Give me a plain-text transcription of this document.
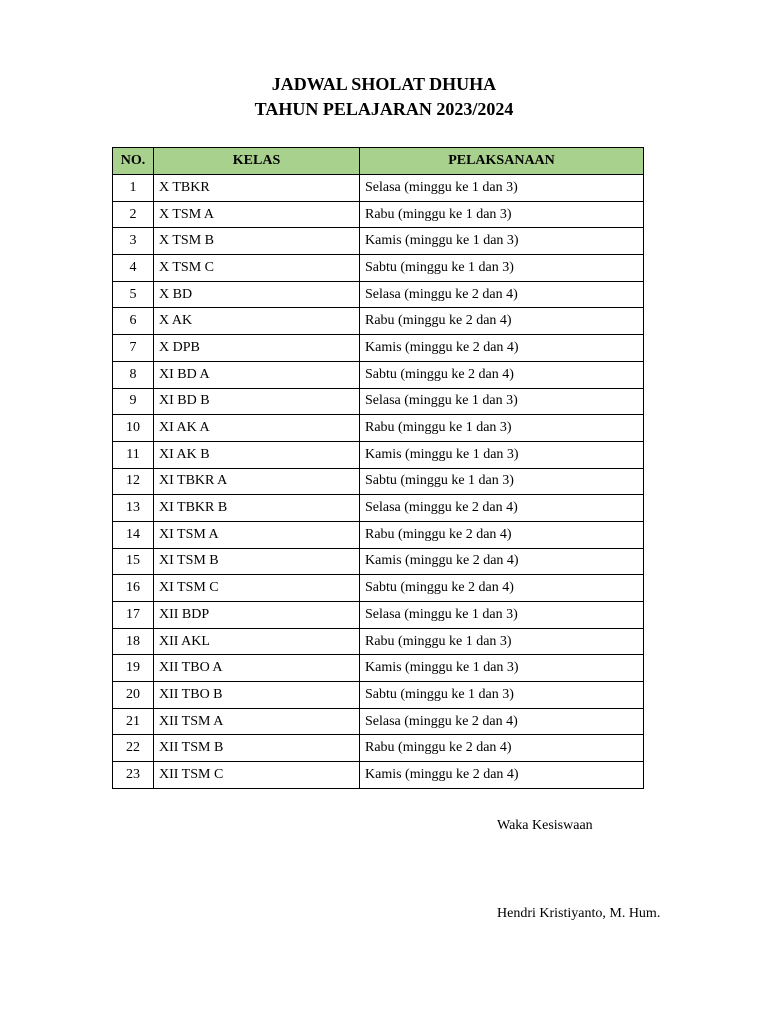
JADWAL SHOLAT DHUHA
TAHUN PELAJARAN 2023/2024
NO.	KELAS	PELAKSANAAN
1	X TBKR	Selasa (minggu ke 1 dan 3)
2	X TSM A	Rabu (minggu ke 1 dan 3)
3	X TSM B	Kamis (minggu ke 1 dan 3)
4	X TSM C	Sabtu (minggu ke 1 dan 3)
5	X BD	Selasa (minggu ke 2 dan 4)
6	X AK	Rabu (minggu ke 2 dan 4)
7	X DPB	Kamis (minggu ke 2 dan 4)
8	XI BD A	Sabtu (minggu ke 2 dan 4)
9	XI BD B	Selasa (minggu ke 1 dan 3)
10	XI AK A	Rabu (minggu ke 1 dan 3)
11	XI AK B	Kamis (minggu ke 1 dan 3)
12	XI TBKR A	Sabtu (minggu ke 1 dan 3)
13	XI TBKR B	Selasa (minggu ke 2 dan 4)
14	XI TSM A	Rabu (minggu ke 2 dan 4)
15	XI TSM B	Kamis (minggu ke 2 dan 4)
16	XI TSM C	Sabtu (minggu ke 2 dan 4)
17	XII BDP	Selasa (minggu ke 1 dan 3)
18	XII AKL	Rabu (minggu ke 1 dan 3)
19	XII TBO A	Kamis (minggu ke 1 dan 3)
20	XII TBO B	Sabtu (minggu ke 1 dan 3)
21	XII TSM A	Selasa (minggu ke 2 dan 4)
22	XII TSM B	Rabu (minggu ke 2 dan 4)
23	XII TSM C	Kamis (minggu ke 2 dan 4)
Waka Kesiswaan
Hendri Kristiyanto, M. Hum.
